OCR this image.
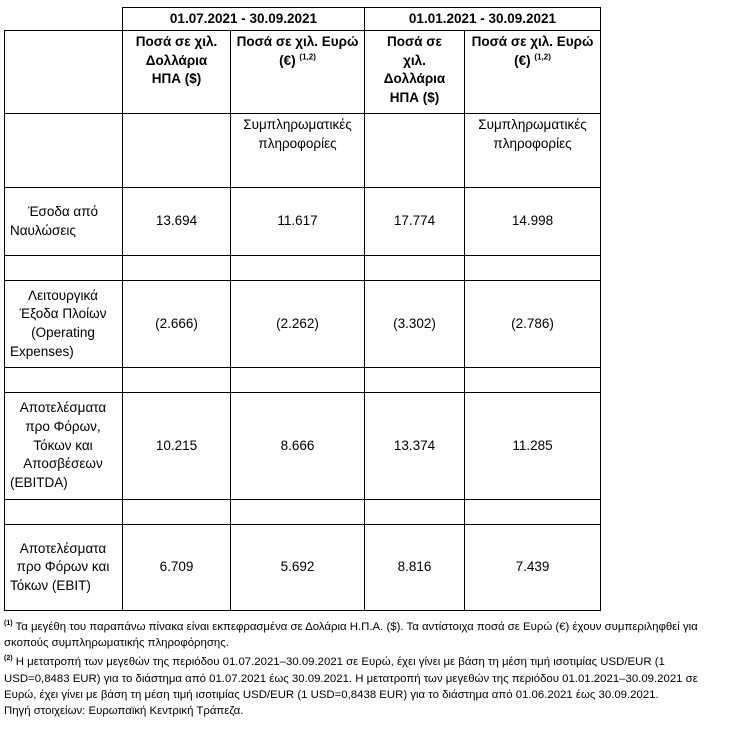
	01.07.2021 - 30.09.2021		01.01.2021 - 30.09.2021	
	Ποσά σε χιλ. Δολλάρια ΗΠΑ ($)	Ποσά σε χιλ. Ευρώ (€) $^{(1,2)}$	Ποσά σε χιλ. Δολλάρια ΗΠΑ ($)	Ποσά σε χιλ. Ευρώ (€) $^{(1,2)}$
		Συμπληρωματικές πληροφορίες		Συμπληρωματικές πληροφορίες
Έσοδα από Ναυλώσεις	13.694	11.617	17.774	14.998

Λειτουργικά Έξοδα Πλοίων (Operating Expenses)	(2.666)	(2.262)	(3.302)	(2.786)

Αποτελέσματα προ Φόρων, Τόκων και Αποσβέσεων (EBITDA)	10.215	8.666	13.374	11.285

Αποτελέσματα προ Φόρων και Τόκων (EBIT)	6.709	5.692	8.816	7.439

$^{(1)}$ Τα μεγέθη του παραπάνω πίνακα είναι εκπεφρασμένα σε Δολάρια Η.Π.Α. ($). Τα αντίστοιχα ποσά σε Ευρώ (€) έχουν συμπεριληφθεί για σκοπούς συμπληρωματικής πληροφόρησης.

$^{(2)}$ Η μετατροπή των μεγεθών της περιόδου 01.07.2021–30.09.2021 σε Ευρώ, έχει γίνει με βάση τη μέση τιμή ισοτιμίας USD/EUR (1 USD=0,8483 EUR) για το διάστημα από 01.07.2021 έως 30.09.2021. Η μετατροπή των μεγεθών της περιόδου 01.01.2021–30.09.2021 σε Ευρώ, έχει γίνει με βάση τη μέση τιμή ισοτιμίας USD/EUR (1 USD=0,8438 EUR) για το διάστημα από 01.06.2021 έως 30.09.2021.
Πηγή στοιχείων: Ευρωπαϊκή Κεντρική Τράπεζα.
